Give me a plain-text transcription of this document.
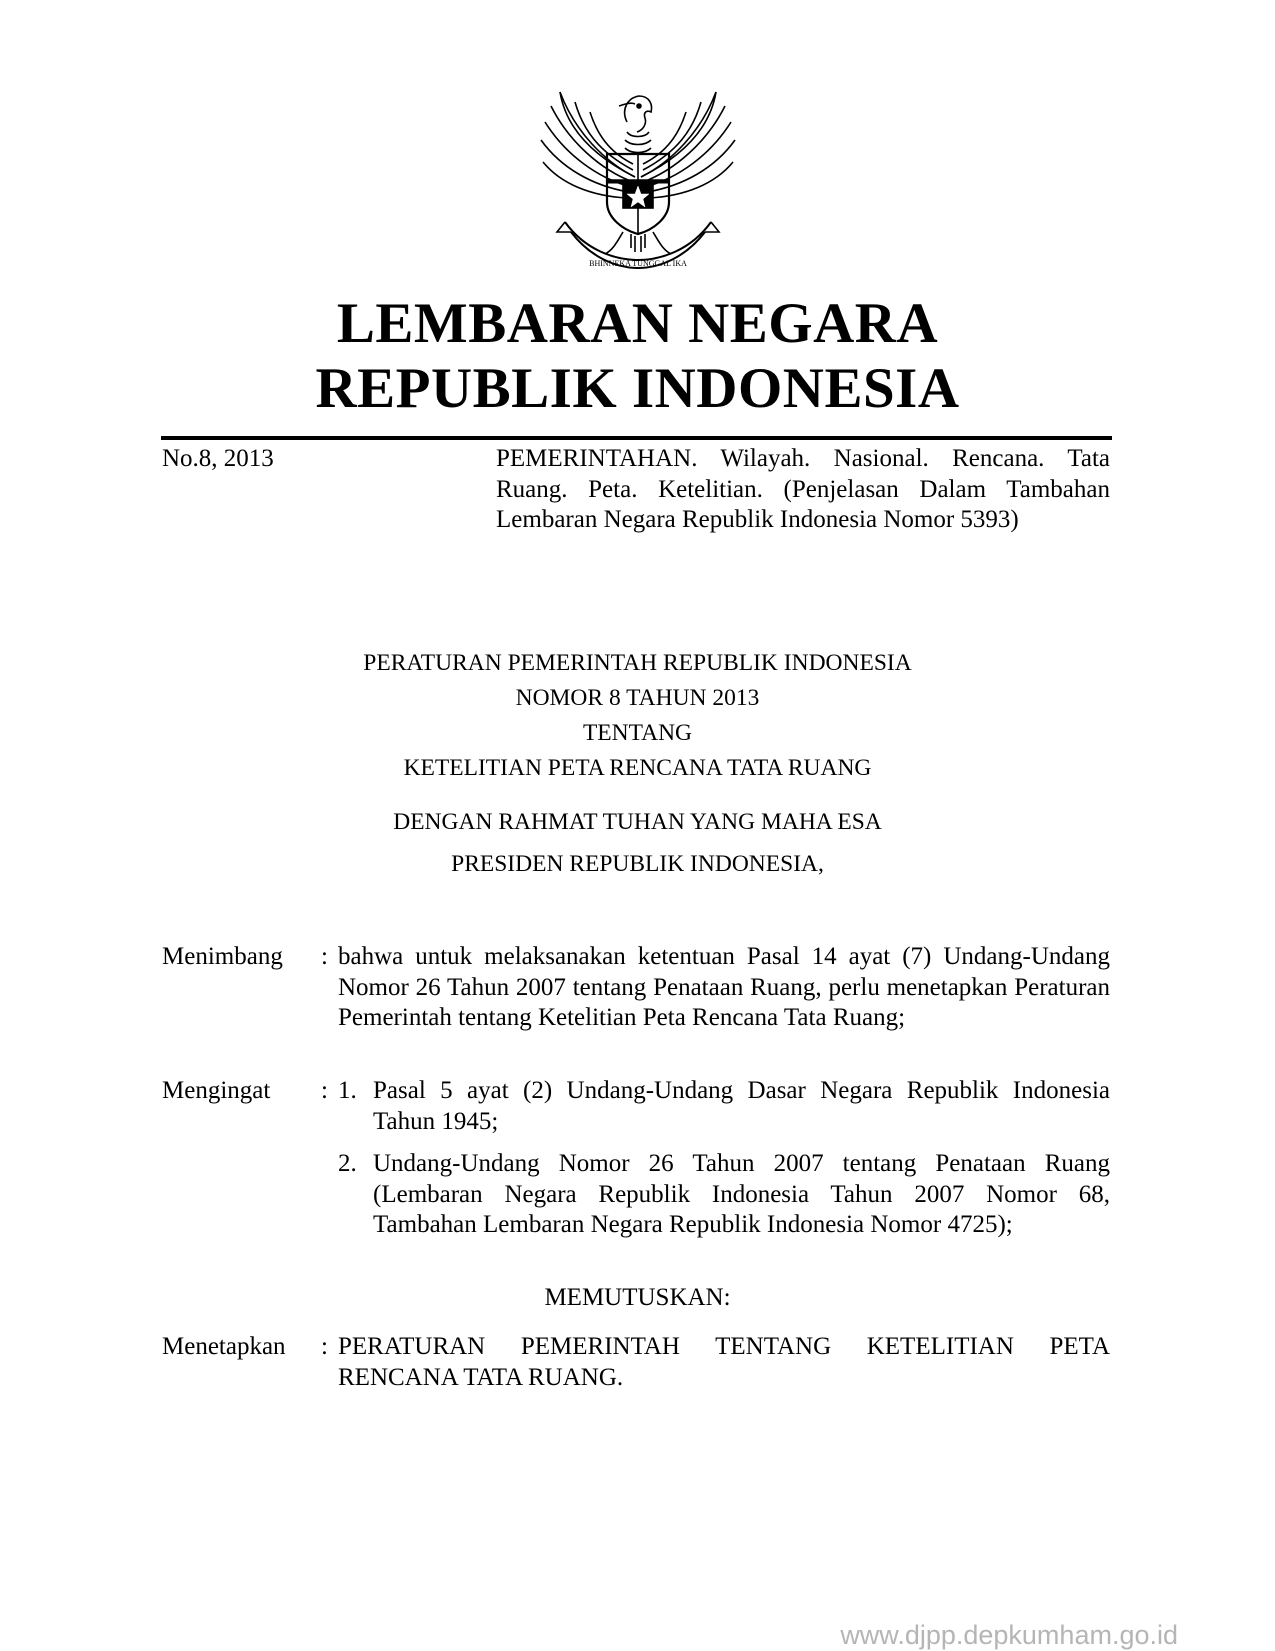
BHINNEKA TUNGGAL IKA
LEMBARAN NEGARA
REPUBLIK INDONESIA
No.8, 2013	PEMERINTAHAN. Wilayah. Nasional. Rencana. Tata Ruang. Peta. Ketelitian. (Penjelasan Dalam Tambahan Lembaran Negara Republik Indonesia Nomor 5393)
PERATURAN PEMERINTAH REPUBLIK INDONESIA
NOMOR 8 TAHUN 2013
TENTANG
KETELITIAN PETA RENCANA TATA RUANG
DENGAN RAHMAT TUHAN YANG MAHA ESA
PRESIDEN REPUBLIK INDONESIA,
Menimbang : bahwa untuk melaksanakan ketentuan Pasal 14 ayat (7) Undang-Undang Nomor 26 Tahun 2007 tentang Penataan Ruang, perlu menetapkan Peraturan Pemerintah tentang Ketelitian Peta Rencana Tata Ruang;
Mengingat : 1. Pasal 5 ayat (2) Undang-Undang Dasar Negara Republik Indonesia Tahun 1945;
2. Undang-Undang Nomor 26 Tahun 2007 tentang Penataan Ruang (Lembaran Negara Republik Indonesia Tahun 2007 Nomor 68, Tambahan Lembaran Negara Republik Indonesia Nomor 4725);
MEMUTUSKAN:
Menetapkan : PERATURAN PEMERINTAH TENTANG KETELITIAN PETA RENCANA TATA RUANG.
www.djpp.depkumham.go.id
